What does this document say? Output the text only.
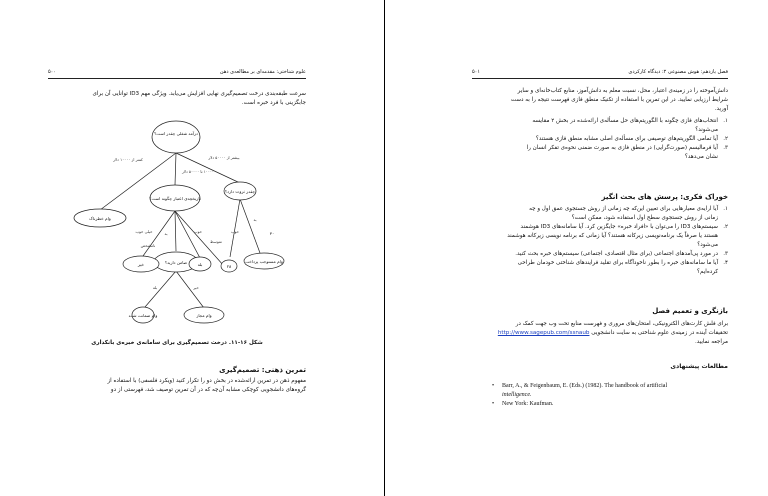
علوم شناختی: مقدمه‌ای بر مطالعه‌ی ذهن
۵۰۰
سرعت طبقه‌بندی درخت تصمیم‌گیری نهایی افزایش می‌یابد. ویژگی مهم ID3 توانایی آن برای
جابگزینی با فرد خبره است.
درآمد شغلی چقدر است؟
وام خطرناک
تاریخچه‌ی اعتبار چگونه است؟
چقدر ثروت دارد؟
ضامن دارید؟
خیر	بله	۲۸
وام ضمانت شده
وام مستوجب پرداخت
وام مجاز
۳۰
کمتر از ۱۰۰۰۰ دلار	بیشتر از ۵۰۰۰۰ دلار
۱۰۰۰۰ تا ۵۰۰۰۰ دلار
خیلی خوب	بد	خوب
متوسط
بد
خوب
بله	خیر
نامشخص
شکل ۱۶-۱۱. درخت تصمیم‌گیری برای سامانه‌ی خبره‌ی بانکداری
تمرین ذهنی: تصمیم‌گیری
مفهوم ذهن در تمرین ارائه‌شده در بخش دو را تکرار کنید (ویکرد فلسفی) با استفاده از
گروه‌های دانشجویی کوچکی مشابه آن‌چه که در آن تمرین توصیف شد، فهرستی از دو
فصل یازدهم: هوش مصنوعی ۲: دیدگاه کارکردی
۵۰۱
دانش‌آموخته را در زمینه‌ی اعتبار، محل، نسبت معلم به دانش‌آموز، منابع کتاب‌خانه‌ای و سایر
شرایط ارزیابی نمایید. در این تمرین با استفاده از تکنیک منطق فازی فهرست نتیجه را به دست
آورید.
۱.
انتخاب‌های فازی چگونه با الگوریتم‌های حل مسأله‌ی ارائه‌شده در بخش ۲ مقایسه
می‌شوند؟
۲.
آیا تمامی الگوریتم‌های توصیفی برای مسأله‌ی اصلی مشابه منطق فازی هستند؟
۳.
آیا فرمالیسم (صورت‌گرایی) در منطق فازی به صورت ضمنی نحوه‌ی تفکر انسان را
نشان می‌دهد؟
خوراک فکری: پرسش های بحث انگیز
۱.
آیا ارایه‌ی معیارهایی برای تعیین این‌که چه زمانی از روش جستجوی عمق اول و چه
زمانی از روش جستجوی سطح اول استفاده شود، ممکن است؟
۲.
سیستم‌های ID3 را می‌توان با «افراد خبره» جایگزین کرد. آیا سامانه‌های ID3 هوشمند
هستند یا صرفاً یک برنامه‌نویسی زیرکانه هستند؟ آیا زمانی که برنامه نویسی زیرکانه هوشمند
می‌شود؟
۳.
در مورد پی‌آمدهای اجتماعی (برای مثال اقتصادی، اجتماعی) سیستم‌های خبره بحث کنید.
۴.
آیا ما سامانه‌های خبره را بطور ناخودآگاه برای تقلید فرایندهای شناختی خودمان طراحی
کرده‌ایم؟
بازنگری و تعمیم فصل
برای فلش کارت‌های الکترونیکی، امتحان‌های مروری و فهرست منابع تحت وب جهت کمک در
تحقیقات آینده در زمینه‌ی علوم شناختی به سایت دانشجویی http://www.sagepub.com/ssnaub
مراجعه نمایید.
مطالعات پیشنهادی
•	Barr, A., & Feigenbaum, E. (Eds.) (1982). The handbook of artificial
intelligence.
•	New York: Kaufman.
